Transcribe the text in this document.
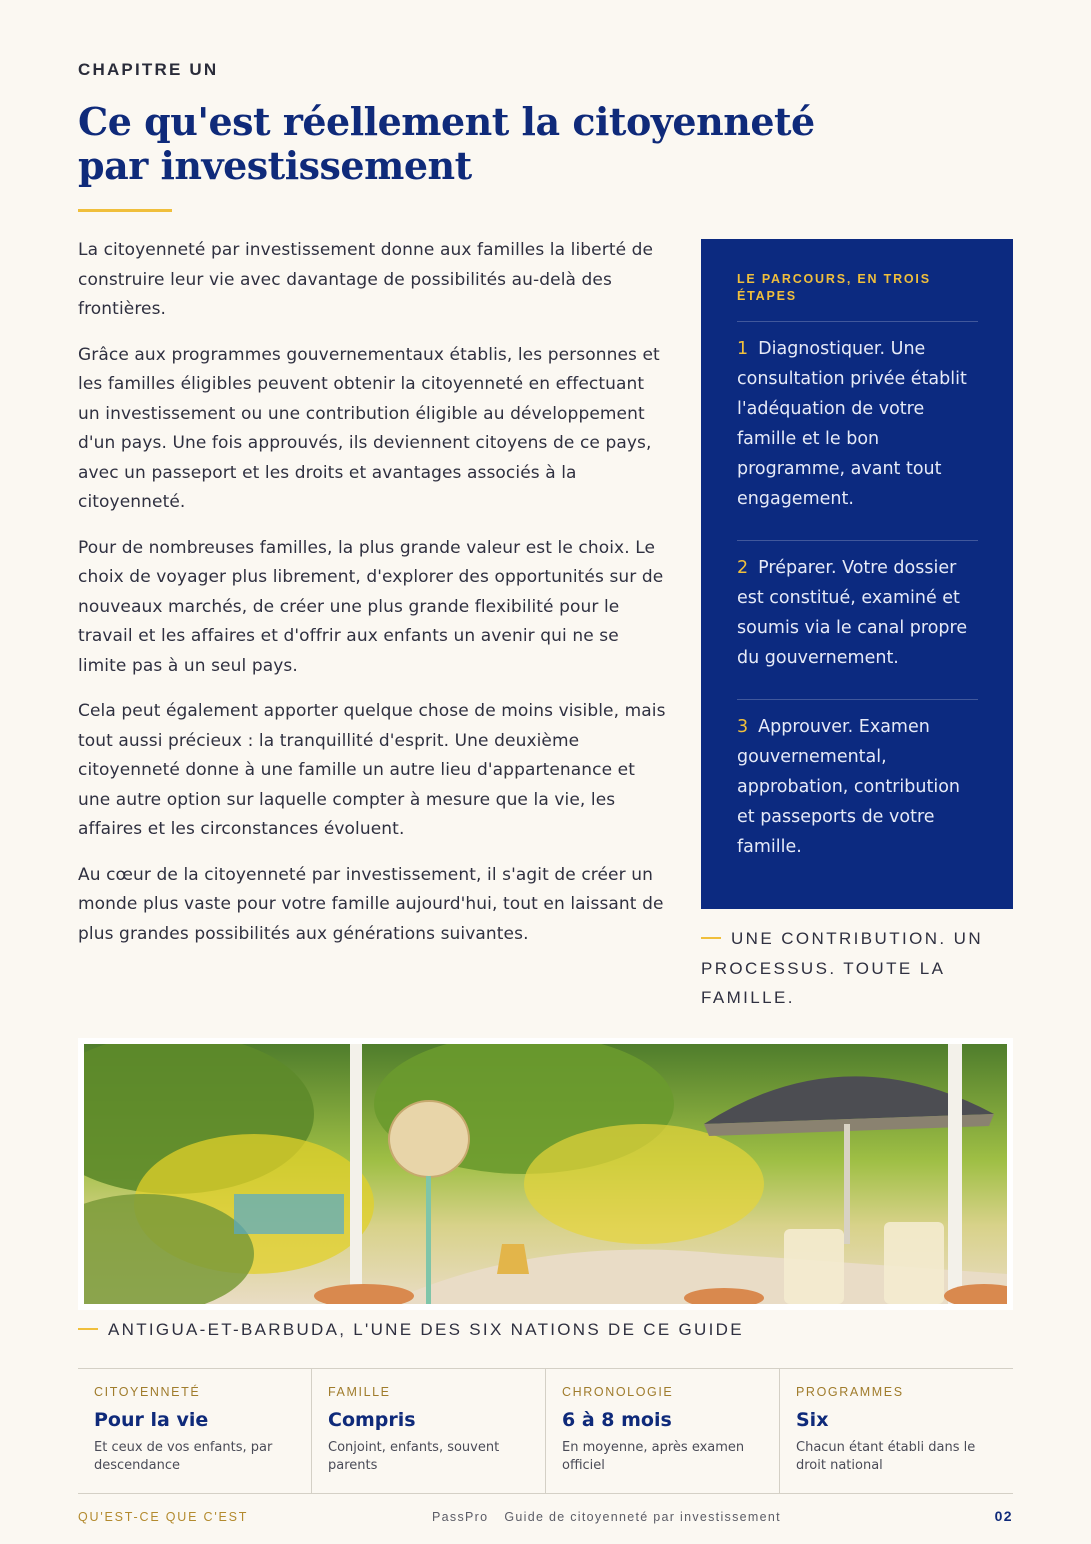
CHAPITRE UN
Ce qu'est réellement la citoyenneté par investissement

La citoyenneté par investissement donne aux familles la liberté de construire leur vie avec davantage de possibilités au-delà des frontières.

Grâce aux programmes gouvernementaux établis, les personnes et les familles éligibles peuvent obtenir la citoyenneté en effectuant un investissement ou une contribution éligible au développement d'un pays. Une fois approuvés, ils deviennent citoyens de ce pays, avec un passeport et les droits et avantages associés à la citoyenneté.

Pour de nombreuses familles, la plus grande valeur est le choix. Le choix de voyager plus librement, d'explorer des opportunités sur de nouveaux marchés, de créer une plus grande flexibilité pour le travail et les affaires et d'offrir aux enfants un avenir qui ne se limite pas à un seul pays.

Cela peut également apporter quelque chose de moins visible, mais tout aussi précieux : la tranquillité d'esprit. Une deuxième citoyenneté donne à une famille un autre lieu d'appartenance et une autre option sur laquelle compter à mesure que la vie, les affaires et les circonstances évoluent.

Au cœur de la citoyenneté par investissement, il s'agit de créer un monde plus vaste pour votre famille aujourd'hui, tout en laissant de plus grandes possibilités aux générations suivantes.

LE PARCOURS, EN TROIS ÉTAPES
1 Diagnostiquer. Une consultation privée établit l'adéquation de votre famille et le bon programme, avant tout engagement.
2 Préparer. Votre dossier est constitué, examiné et soumis via le canal propre du gouvernement.
3 Approuver. Examen gouvernemental, approbation, contribution et passeports de votre famille.
UNE CONTRIBUTION. UN PROCESSUS. TOUTE LA FAMILLE.
ANTIGUA-ET-BARBUDA, L'UNE DES SIX NATIONS DE CE GUIDE
CITOYENNETÉ
Pour la vie
Et ceux de vos enfants, par descendance
FAMILLE
Compris
Conjoint, enfants, souvent parents
CHRONOLOGIE
6 à 8 mois
En moyenne, après examen officiel
PROGRAMMES
Six
Chacun étant établi dans le droit national
QU'EST-CE QUE C'EST	PassPro Guide de citoyenneté par investissement	02
